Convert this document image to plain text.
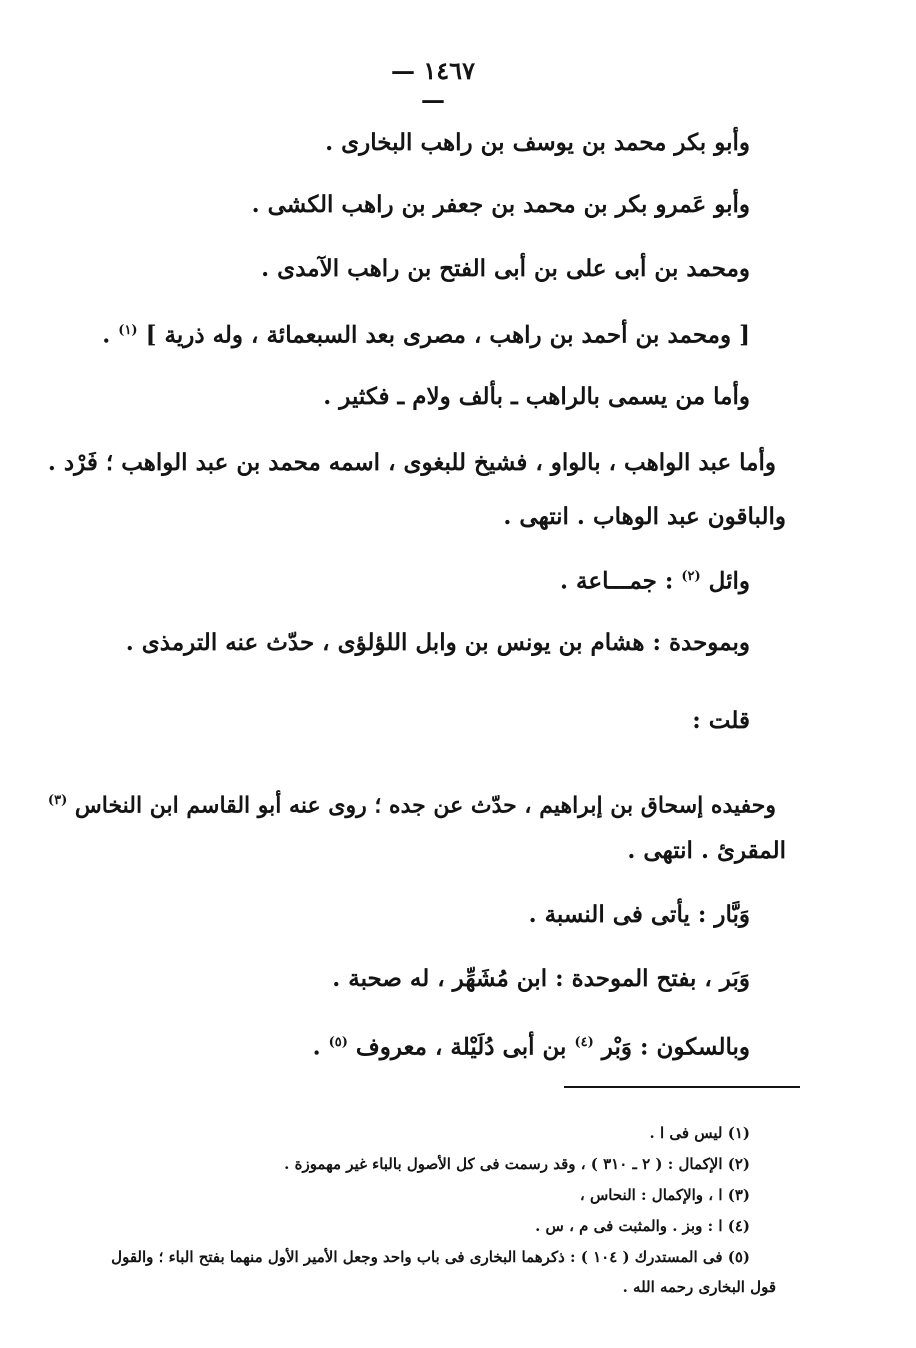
— ١٤٦٧ —

وأبو بكر محمد بن يوسف بن راهب البخاری .

وأبو عَمرو بكر بن محمد بن جعفر بن راهب الكشى .

ومحمد بن أبى على بن أبى الفتح بن راهب الآمدى .

[ ومحمد بن أحمد بن راهب ، مصرى بعد السبعمائة ، وله ذرية ] $^{(١)}$ .

وأما من يسمى بالراهب ـ بألف ولام ـ فكثير .

وأما عبد الواهب ، بالواو ، فشيخ للبغوى ، اسمه محمد بن عبد الواهب ؛ فَرْد .

والباقون عبد الوهاب . انتهى .

وائل $^{(٢)}$ : جمـــاعة .

وبموحدة : هشام بن يونس بن وابل اللؤلؤى ، حدّث عنه الترمذى .

قلت :

وحفيده إسحاق بن إبراهيم ، حدّث عن جده ؛ روى عنه أبو القاسم ابن النخاس $^{(٣)}$

المقرئ . انتهى .

وَبَّار : يأتى فى النسبة .

وَبَر ، بفتح الموحدة : ابن مُشَهِّر ، له صحبة .

وبالسكون : وَبْر $^{(٤)}$ بن أبى دُلَيْلة ، معروف $^{(٥)}$ .

(١) ليس فى ا .

(٢) الإكمال : ( ٢ ـ ٣١٠ ) ، وقد رسمت فى كل الأصول بالباء غير مهموزة .

(٣) ا ، والإكمال : النحاس ،

(٤) ا : وبز . والمثبت فى م ، س .

(٥) فى المستدرك ( ١٠٤ ) : ذكرهما البخارى فى باب واحد وجعل الأمير الأول منهما بفتح الباء ؛ والقول

قول البخارى رحمه الله .
